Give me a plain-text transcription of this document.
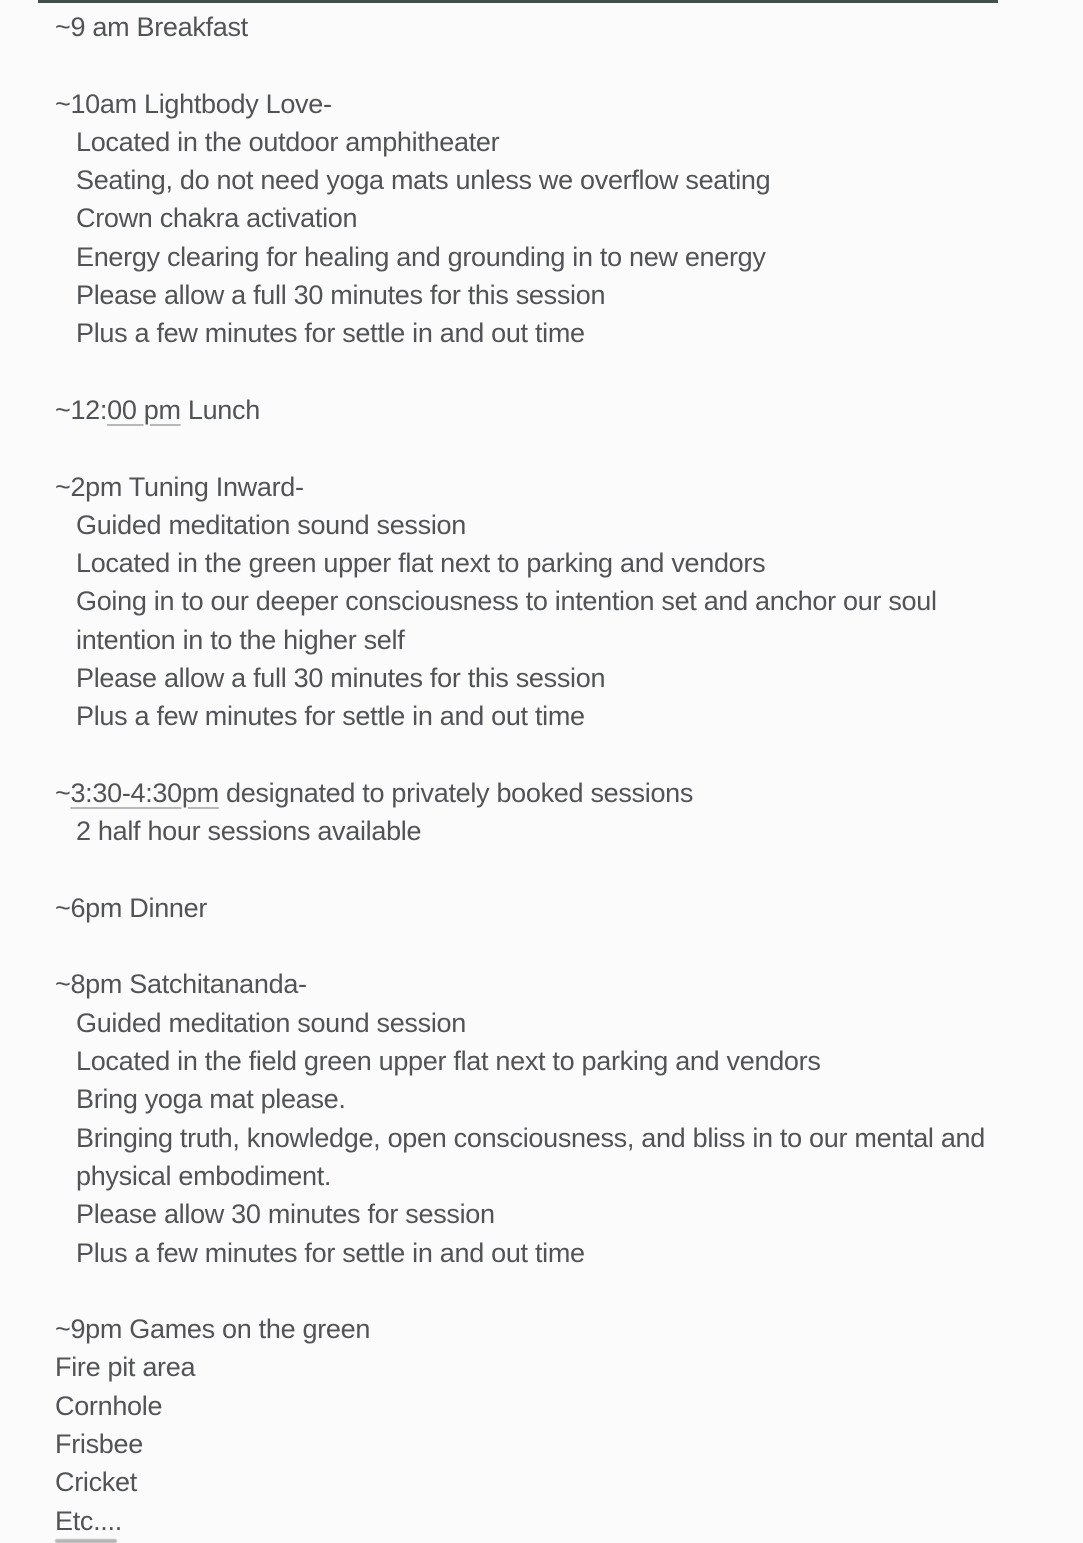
~9 am Breakfast
~10am Lightbody Love-
Located in the outdoor amphitheater
Seating, do not need yoga mats unless we overflow seating
Crown chakra activation
Energy clearing for healing and grounding in to new energy
Please allow a full 30 minutes for this session
Plus a few minutes for settle in and out time
~12:00 pm Lunch
~2pm Tuning Inward-
Guided meditation sound session
Located in the green upper flat next to parking and vendors
Going in to our deeper consciousness to intention set and anchor our soul
intention in to the higher self
Please allow a full 30 minutes for this session
Plus a few minutes for settle in and out time
~3:30-4:30pm designated to privately booked sessions
2 half hour sessions available
~6pm Dinner
~8pm Satchitananda-
Guided meditation sound session
Located in the field green upper flat next to parking and vendors
Bring yoga mat please.
Bringing truth, knowledge, open consciousness, and bliss in to our mental and
physical embodiment.
Please allow 30 minutes for session
Plus a few minutes for settle in and out time
~9pm Games on the green
Fire pit area
Cornhole
Frisbee
Cricket
Etc....
